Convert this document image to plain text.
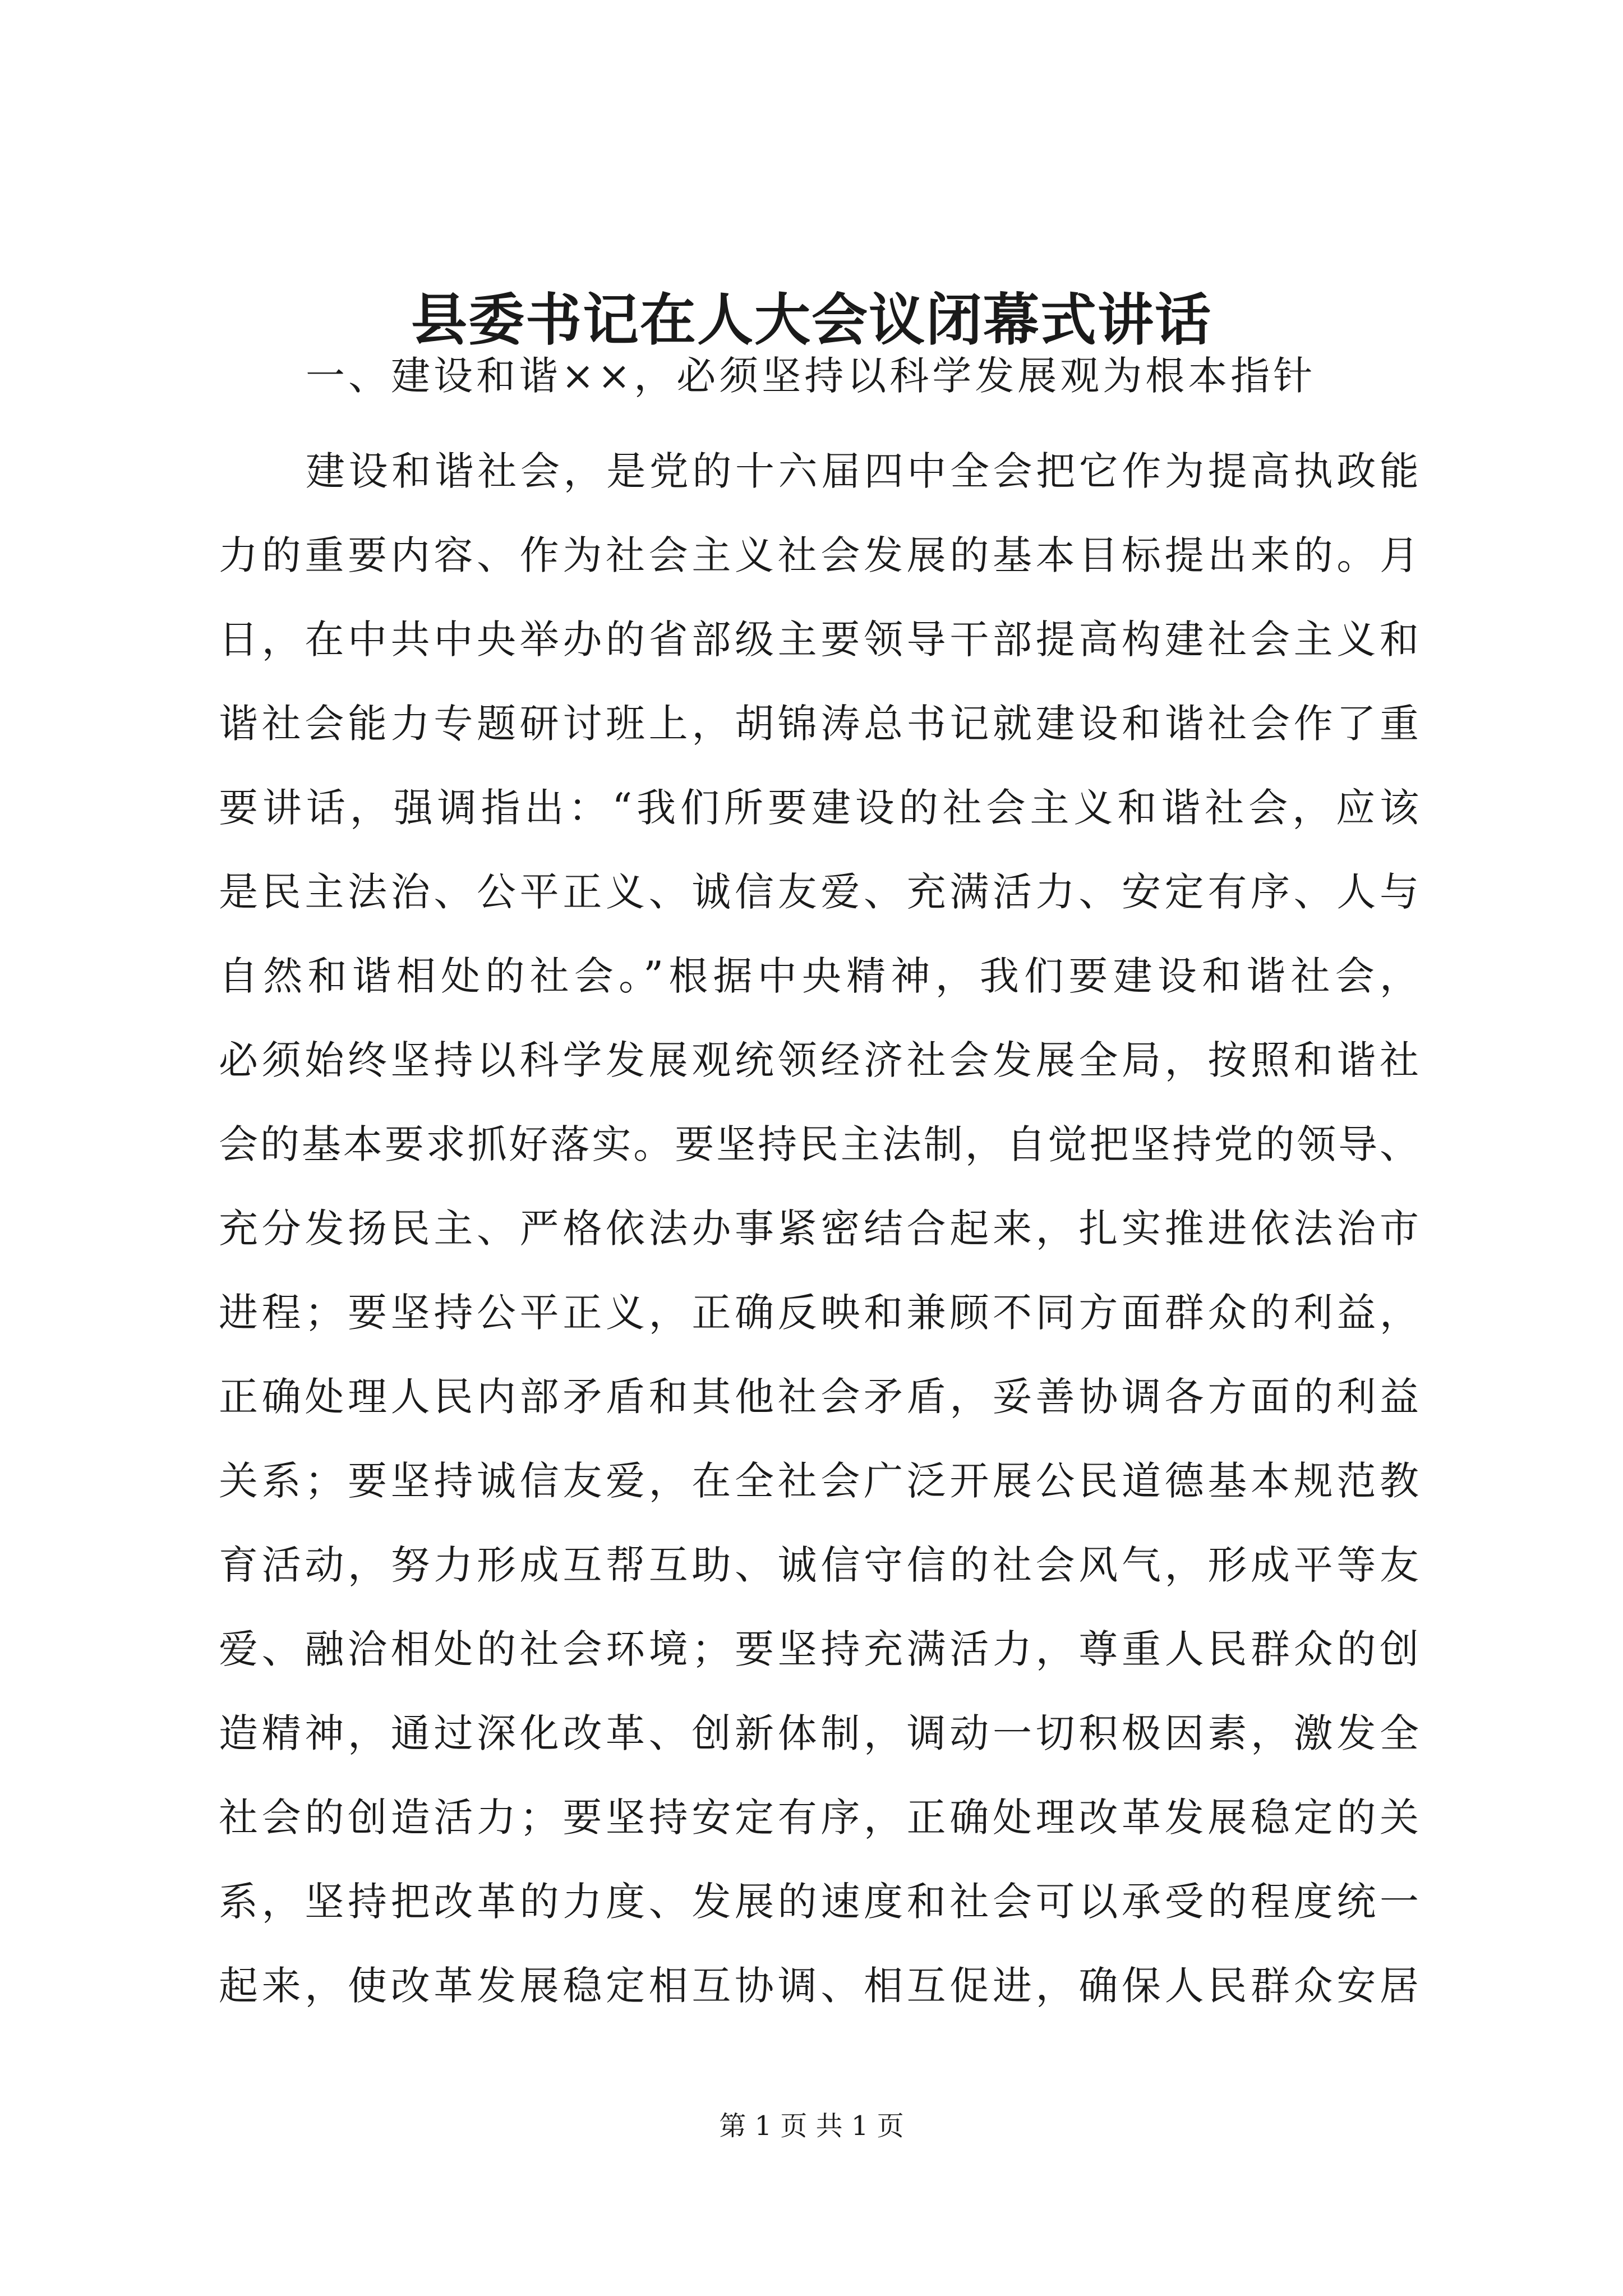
县委书记在人大会议闭幕式讲话

一、建设和谐××，必须坚持以科学发展观为根本指针

建设和谐社会，是党的十六届四中全会把它作为提高执政能
力的重要内容、作为社会主义社会发展的基本目标提出来的。月
日，在中共中央举办的省部级主要领导干部提高构建社会主义和
谐社会能力专题研讨班上，胡锦涛总书记就建设和谐社会作了重
要讲话，强调指出：“我们所要建设的社会主义和谐社会，应该
是民主法治、公平正义、诚信友爱、充满活力、安定有序、人与
自然和谐相处的社会。”根据中央精神，我们要建设和谐社会，
必须始终坚持以科学发展观统领经济社会发展全局，按照和谐社
会的基本要求抓好落实。要坚持民主法制，自觉把坚持党的领导、
充分发扬民主、严格依法办事紧密结合起来，扎实推进依法治市
进程；要坚持公平正义，正确反映和兼顾不同方面群众的利益，
正确处理人民内部矛盾和其他社会矛盾，妥善协调各方面的利益
关系；要坚持诚信友爱，在全社会广泛开展公民道德基本规范教
育活动，努力形成互帮互助、诚信守信的社会风气，形成平等友
爱、融洽相处的社会环境；要坚持充满活力，尊重人民群众的创
造精神，通过深化改革、创新体制，调动一切积极因素，激发全
社会的创造活力；要坚持安定有序，正确处理改革发展稳定的关
系，坚持把改革的力度、发展的速度和社会可以承受的程度统一
起来，使改革发展稳定相互协调、相互促进，确保人民群众安居

第 1 页 共 1 页
